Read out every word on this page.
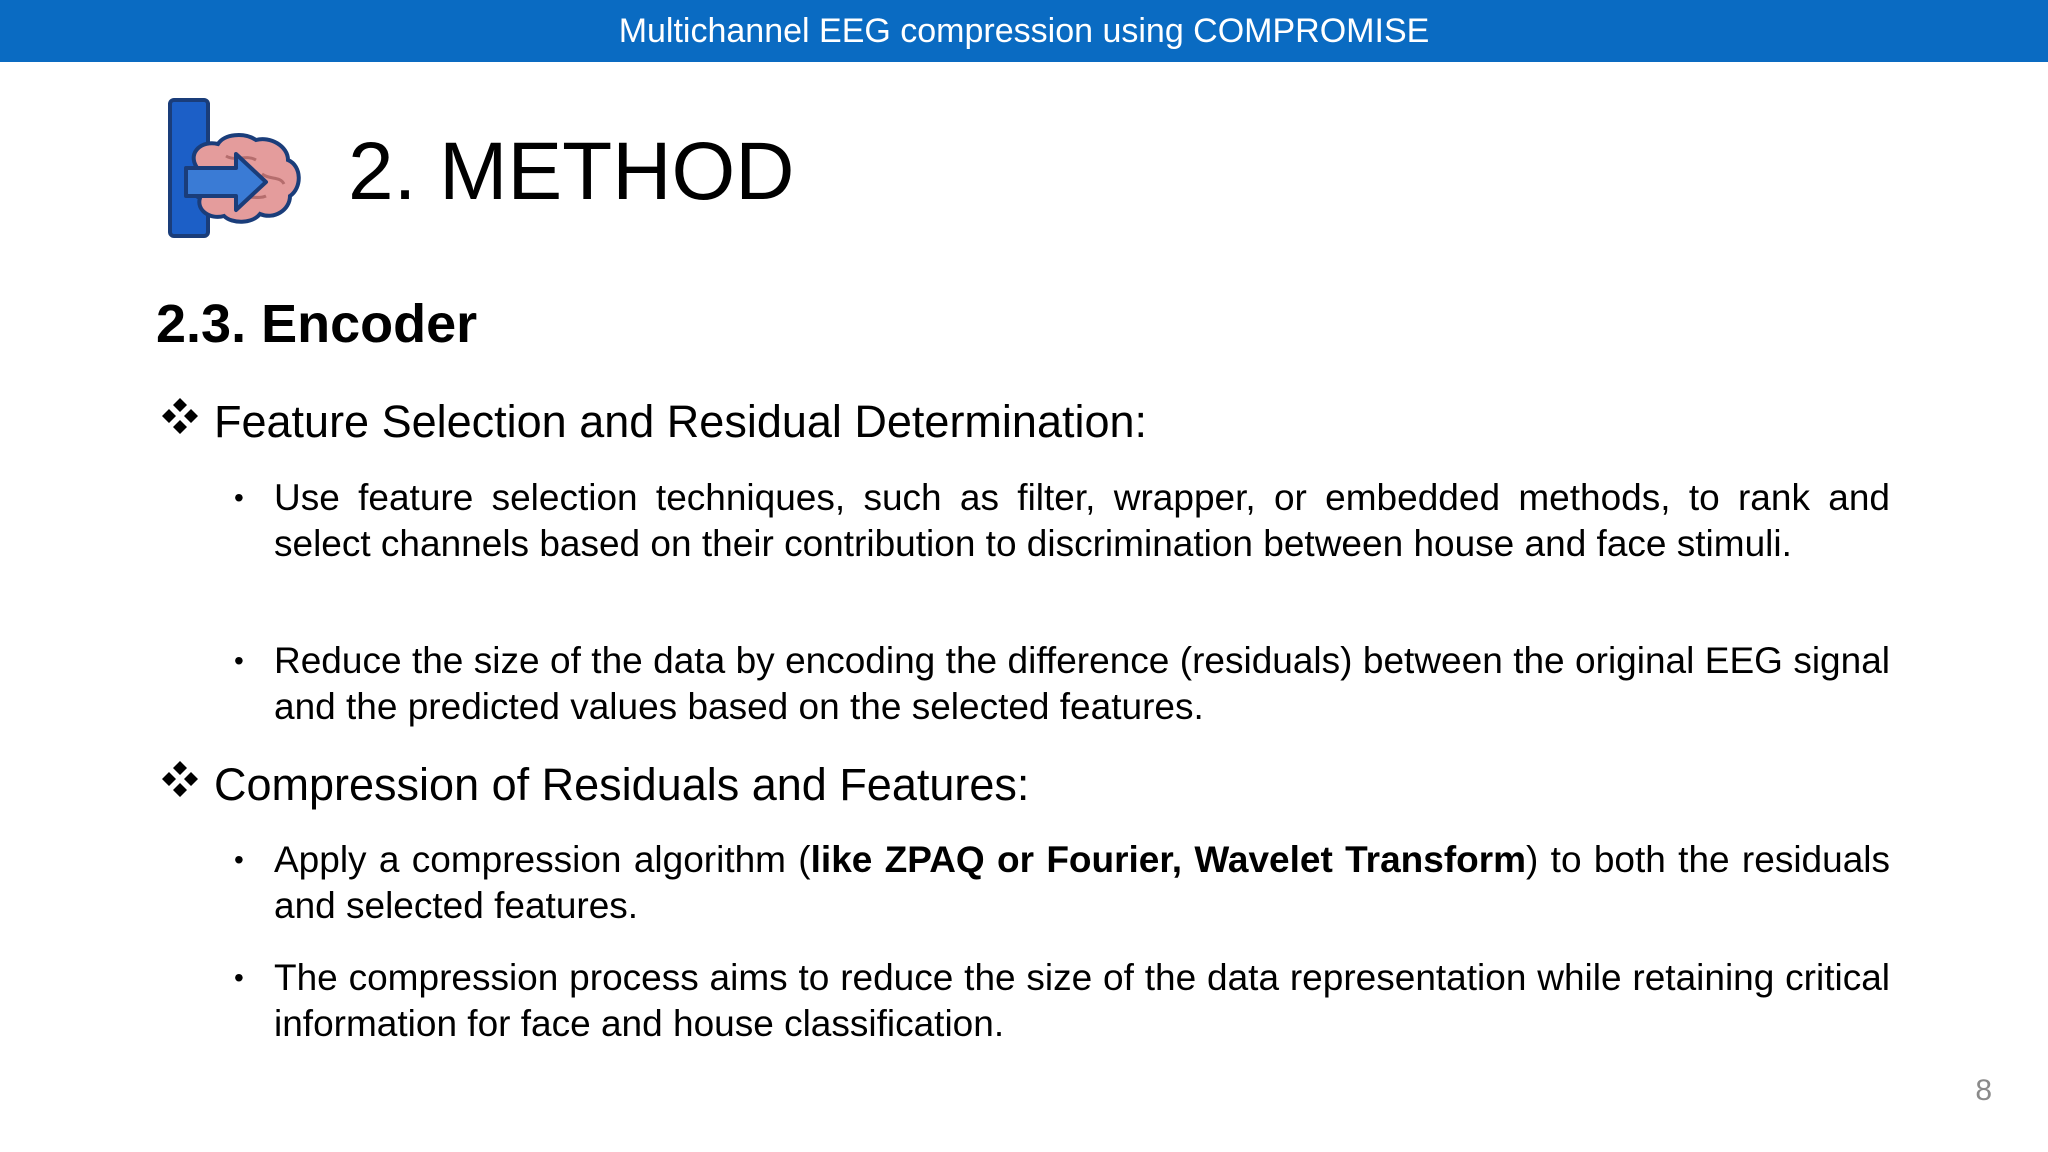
Multichannel EEG compression using COMPROMISE
2. METHOD
2.3. Encoder
Feature Selection and Residual Determination:
• Use feature selection techniques, such as filter, wrapper, or embedded methods, to rank and select channels based on their contribution to discrimination between house and face stimuli.
• Reduce the size of the data by encoding the difference (residuals) between the original EEG signal and the predicted values based on the selected features.
Compression of Residuals and Features:
• Apply a compression algorithm (like ZPAQ or Fourier, Wavelet Transform) to both the residuals and selected features.
• The compression process aims to reduce the size of the data representation while retaining critical information for face and house classification.
8
